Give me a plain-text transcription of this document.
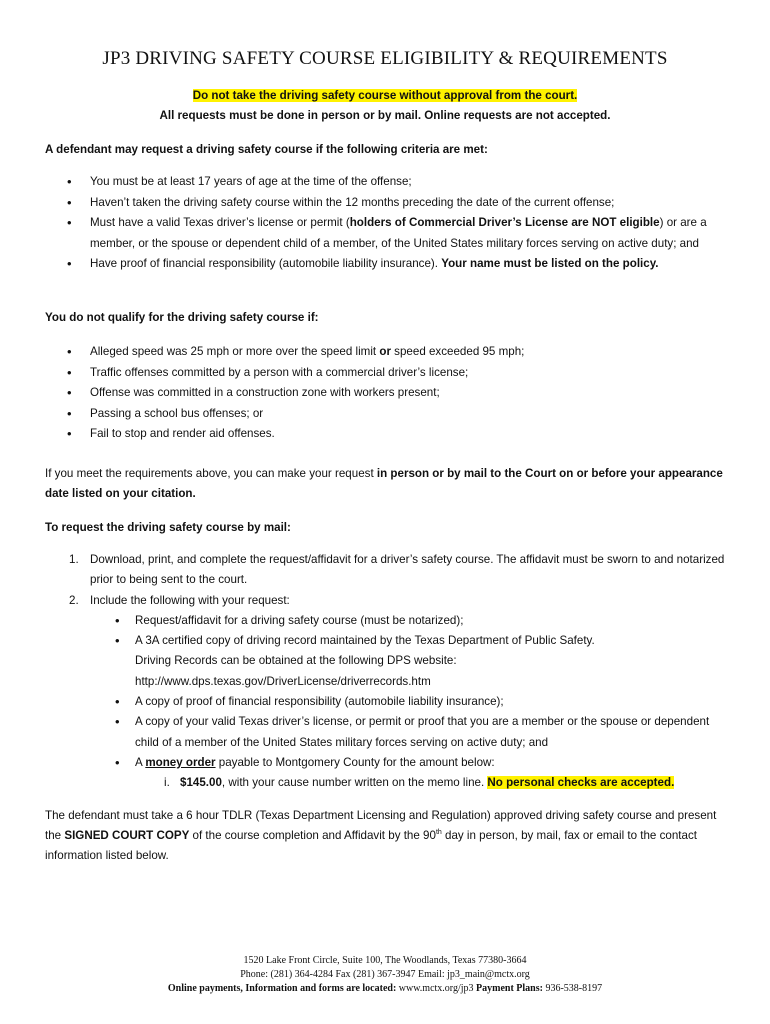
JP3 DRIVING SAFETY COURSE ELIGIBILITY & REQUIREMENTS
Do not take the driving safety course without approval from the court.
All requests must be done in person or by mail. Online requests are not accepted.
A defendant may request a driving safety course if the following criteria are met:
• You must be at least 17 years of age at the time of the offense;
• Haven’t taken the driving safety course within the 12 months preceding the date of the current offense;
• Must have a valid Texas driver’s license or permit (holders of Commercial Driver’s License are NOT eligible) or are a member, or the spouse or dependent child of a member, of the United States military forces serving on active duty; and
• Have proof of financial responsibility (automobile liability insurance). Your name must be listed on the policy.
You do not qualify for the driving safety course if:
• Alleged speed was 25 mph or more over the speed limit or speed exceeded 95 mph;
• Traffic offenses committed by a person with a commercial driver’s license;
• Offense was committed in a construction zone with workers present;
• Passing a school bus offenses; or
• Fail to stop and render aid offenses.
If you meet the requirements above, you can make your request in person or by mail to the Court on or before your appearance date listed on your citation.
To request the driving safety course by mail:
1. Download, print, and complete the request/affidavit for a driver’s safety course. The affidavit must be sworn to and notarized prior to being sent to the court.
2. Include the following with your request:
• Request/affidavit for a driving safety course (must be notarized);
• A 3A certified copy of driving record maintained by the Texas Department of Public Safety.
Driving Records can be obtained at the following DPS website:
http://www.dps.texas.gov/DriverLicense/driverrecords.htm
• A copy of proof of financial responsibility (automobile liability insurance);
• A copy of your valid Texas driver’s license, or permit or proof that you are a member or the spouse or dependent child of a member of the United States military forces serving on active duty; and
• A money order payable to Montgomery County for the amount below:
i. $145.00, with your cause number written on the memo line. No personal checks are accepted.
The defendant must take a 6 hour TDLR (Texas Department Licensing and Regulation) approved driving safety course and present the SIGNED COURT COPY of the course completion and Affidavit by the 90th day in person, by mail, fax or email to the contact information listed below.
1520 Lake Front Circle, Suite 100, The Woodlands, Texas 77380-3664
Phone: (281) 364-4284 Fax (281) 367-3947 Email: jp3_main@mctx.org
Online payments, Information and forms are located: www.mctx.org/jp3 Payment Plans: 936-538-8197
